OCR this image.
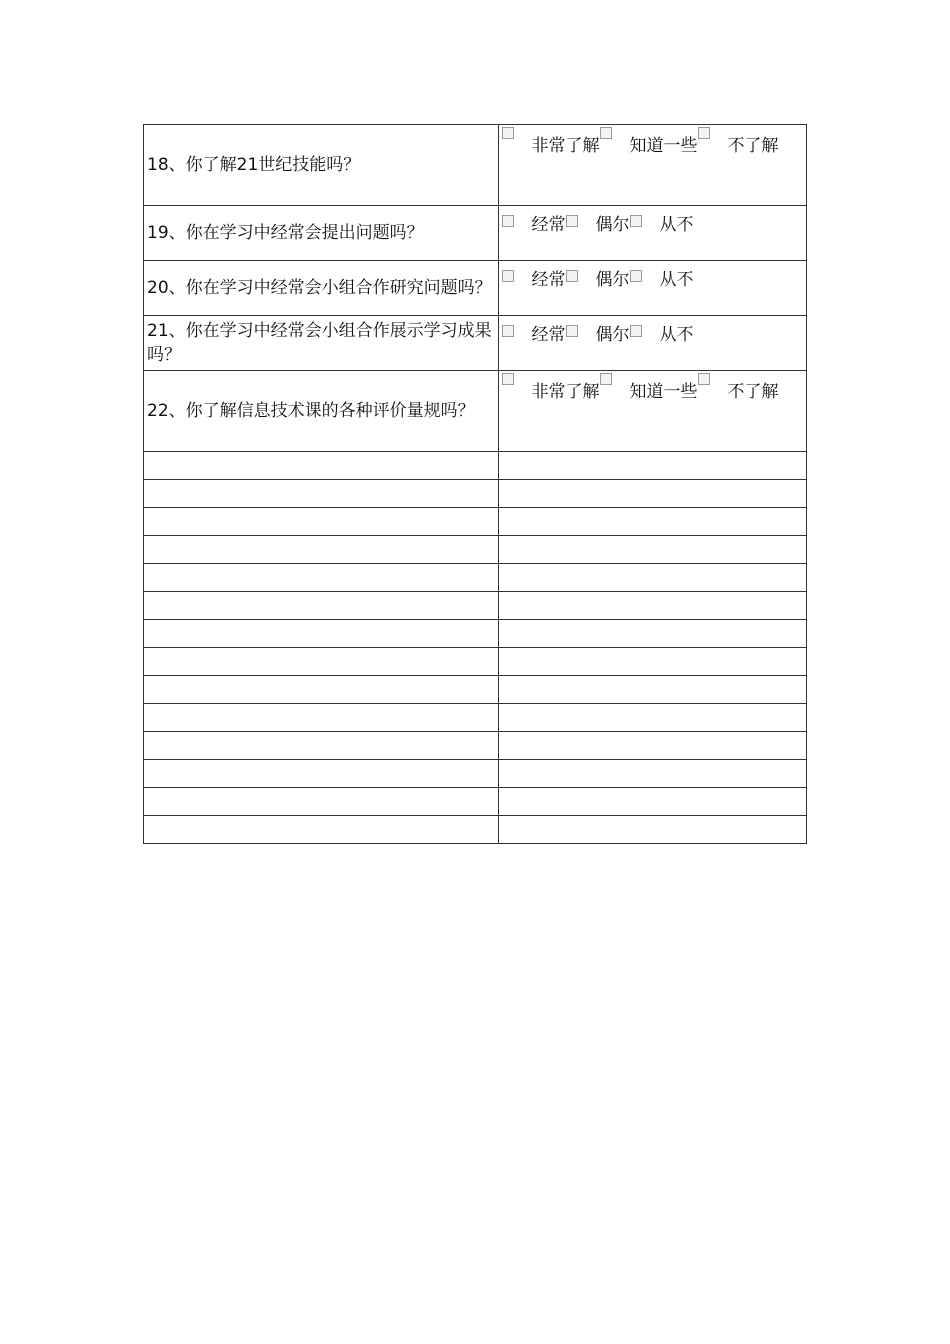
18、你了解21世纪技能吗？	非常了解 知道一些 不了解

19、你在学习中经常会提出问题吗？	经常 偶尔 从不

20、你在学习中经常会小组合作研究问题吗？	经常 偶尔 从不

21、你在学习中经常会小组合作展示学习成果吗？	经常 偶尔 从不

22、你了解信息技术课的各种评价量规吗？	非常了解 知道一些 不了解
